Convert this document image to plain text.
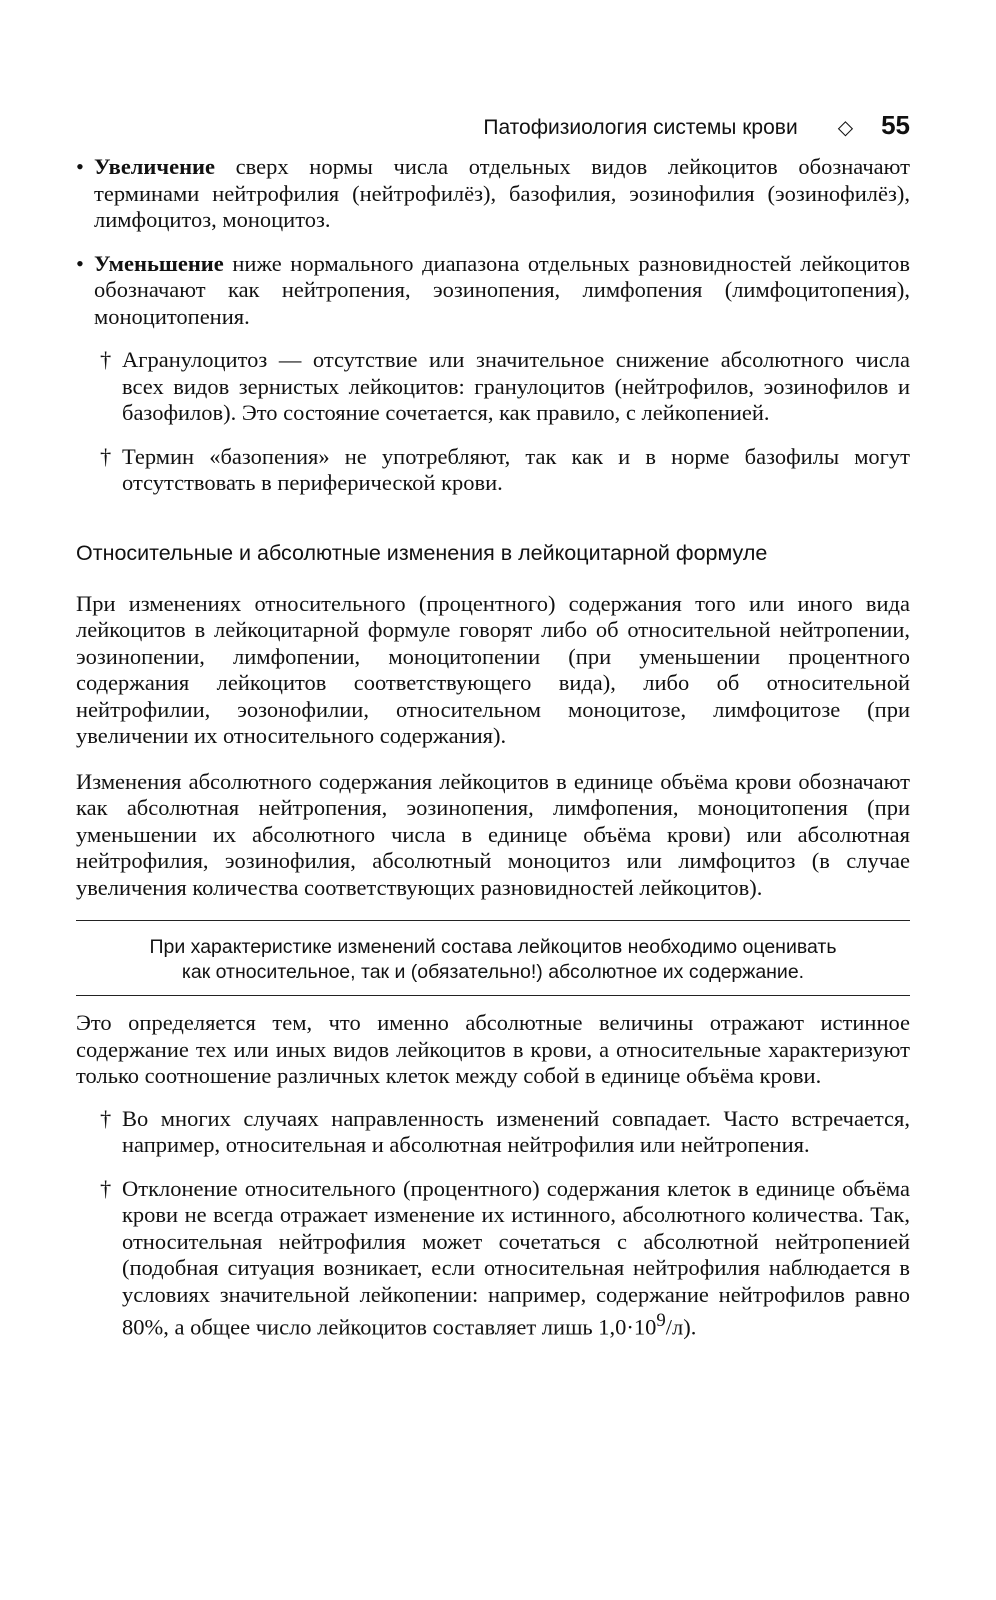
Патофизиология системы крови ◇ 55

• Увеличение сверх нормы числа отдельных видов лейкоцитов обозначают терминами нейтрофилия (нейтрофилёз), базофилия, эозинофилия (эозинофилёз), лимфоцитоз, моноцитоз.

• Уменьшение ниже нормального диапазона отдельных разновидностей лейкоцитов обозначают как нейтропения, эозинопения, лимфопения (лимфоцитопения), моноцитопения.

† Агранулоцитоз — отсутствие или значительное снижение абсолютного числа всех видов зернистых лейкоцитов: гранулоцитов (нейтрофилов, эозинофилов и базофилов). Это состояние сочетается, как правило, с лейкопенией.

† Термин «базопения» не употребляют, так как и в норме базофилы могут отсутствовать в периферической крови.

Относительные и абсолютные изменения в лейкоцитарной формуле

При изменениях относительного (процентного) содержания того или иного вида лейкоцитов в лейкоцитарной формуле говорят либо об относительной нейтропении, эозинопении, лимфопении, моноцитопении (при уменьшении процентного содержания лейкоцитов соответствующего вида), либо об относительной нейтрофилии, эозонофилии, относительном моноцитозе, лимфоцитозе (при увеличении их относительного содержания).

Изменения абсолютного содержания лейкоцитов в единице объёма крови обозначают как абсолютная нейтропения, эозинопения, лимфопения, моноцитопения (при уменьшении их абсолютного числа в единице объёма крови) или абсолютная нейтрофилия, эозинофилия, абсолютный моноцитоз или лимфоцитоз (в случае увеличения количества соответствующих разновидностей лейкоцитов).

При характеристике изменений состава лейкоцитов необходимо оценивать как относительное, так и (обязательно!) абсолютное их содержание.

Это определяется тем, что именно абсолютные величины отражают истинное содержание тех или иных видов лейкоцитов в крови, а относительные характеризуют только соотношение различных клеток между собой в единице объёма крови.

† Во многих случаях направленность изменений совпадает. Часто встречается, например, относительная и абсолютная нейтрофилия или нейтропения.

† Отклонение относительного (процентного) содержания клеток в единице объёма крови не всегда отражает изменение их истинного, абсолютного количества. Так, относительная нейтрофилия может сочетаться с абсолютной нейтропенией (подобная ситуация возникает, если относительная нейтрофилия наблюдается в условиях значительной лейкопении: например, содержание нейтрофилов равно 80%, а общее число лейкоцитов составляет лишь $1,0\cdot 10^9/л$).
